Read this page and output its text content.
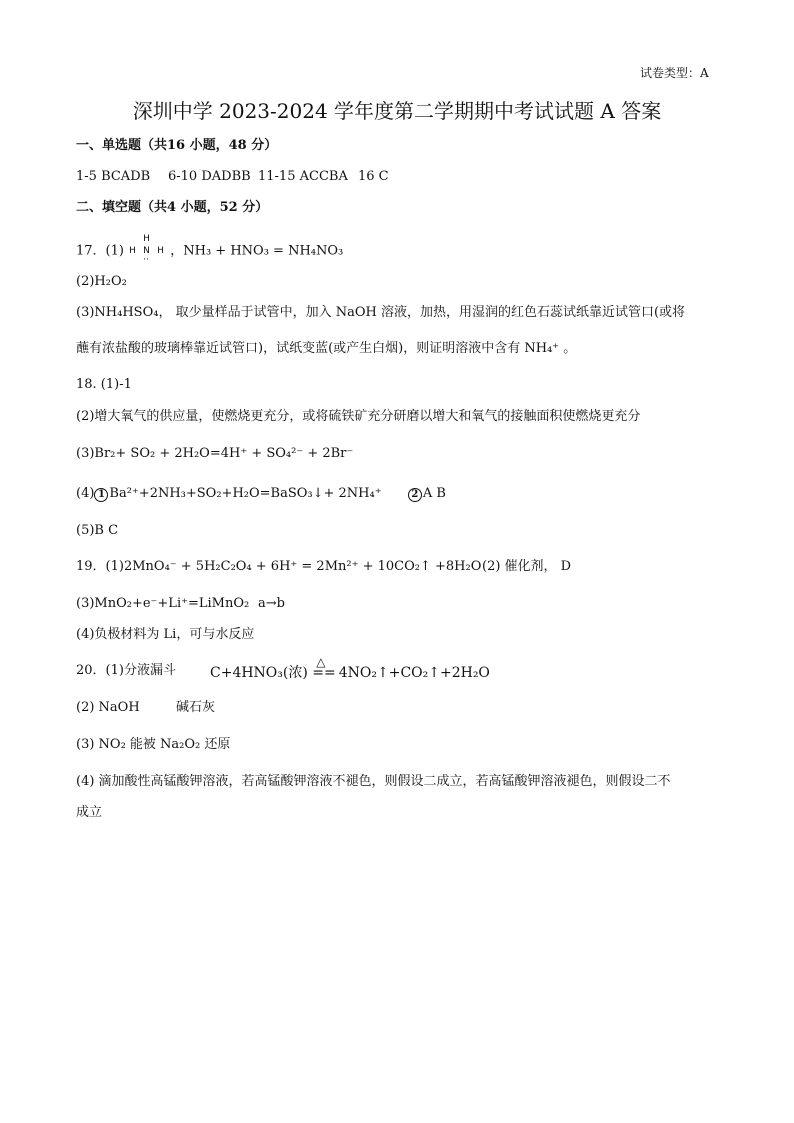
试卷类型：A
深圳中学 2023-2024 学年度第二学期期中考试试题 A 答案
一、单选题（共16 小题，48 分）
1-5 BCADB 6-10 DADBB 11-15 ACCBA 16 C
二、填空题（共4 小题，52 分）
17．(1)
H
H N H
··
，NH₃ + HNO₃ = NH₄NO₃
(2)H₂O₂
(3)NH₄HSO₄， 取少量样品于试管中，加入 NaOH 溶液，加热，用湿润的红色石蕊试纸靠近试管口(或将
蘸有浓盐酸的玻璃棒靠近试管口)，试纸变蓝(或产生白烟)，则证明溶液中含有 NH₄⁺ 。
18. (1)-1
(2)增大氧气的供应量，使燃烧更充分，或将硫铁矿充分研磨以增大和氧气的接触面积使燃烧更充分
(3)Br₂+ SO₂ + 2H₂O=4H⁺ + SO₄²⁻ + 2Br⁻
(4) 1 Ba²⁺+2NH₃+SO₂+H₂O=BaSO₃↓+ 2NH₄⁺	2 A B
(5)B C
19．(1)2MnO₄⁻ + 5H₂C₂O₄ + 6H⁺ = 2Mn²⁺ + 10CO₂↑ +8H₂O (2) 催化剂， D
(3)MnO₂+e⁻+Li⁺=LiMnO₂ a→b
(4)负极材料为 Li，可与水反应
20．(1)分液漏斗 C+4HNO₃(浓)
△
== 4NO₂↑+CO₂↑+2H₂O
(2) NaOH	碱石灰
(3) NO₂ 能被 Na₂O₂ 还原
(4) 滴加酸性高锰酸钾溶液，若高锰酸钾溶液不褪色，则假设二成立，若高锰酸钾溶液褪色，则假设二不
成立
